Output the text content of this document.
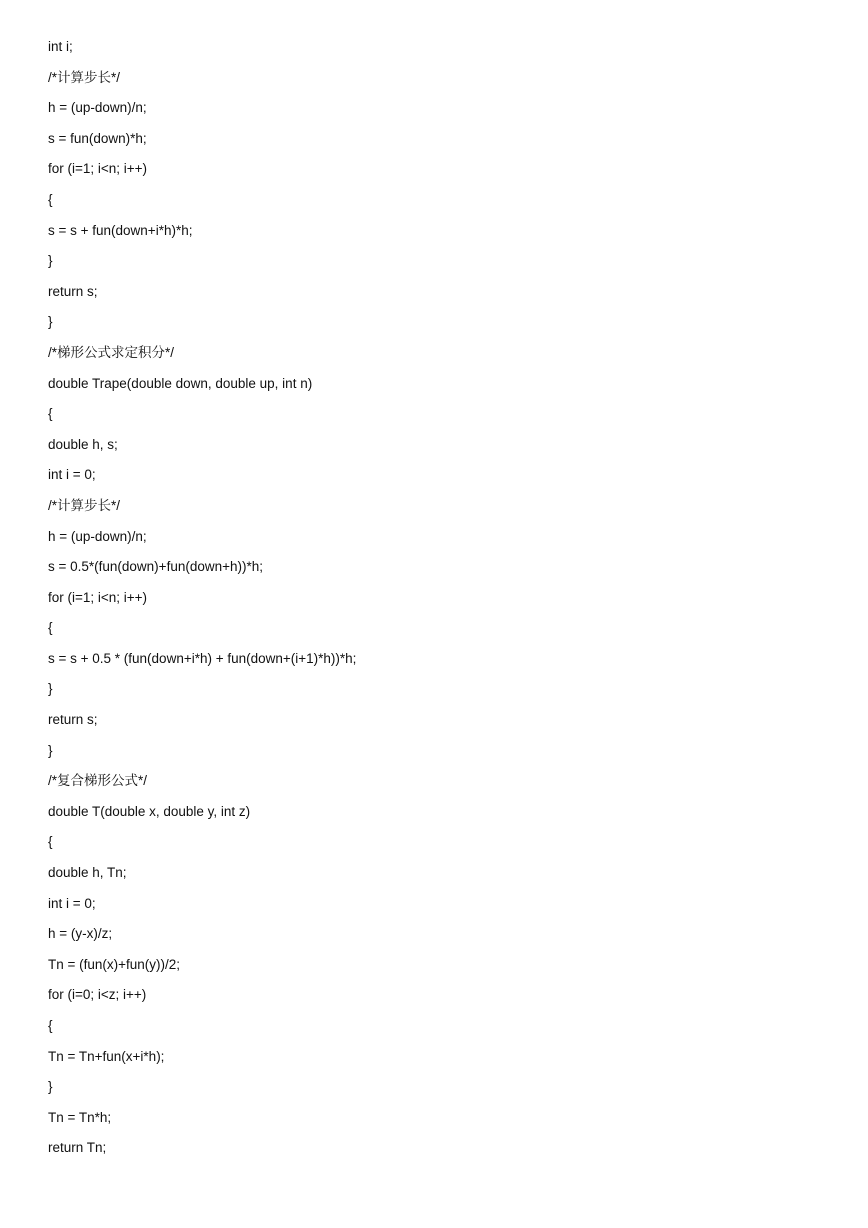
int i;
/*计算步长*/
h = (up-down)/n;
s = fun(down)*h;
for (i=1; i<n; i++)
{
s = s + fun(down+i*h)*h;
}
return s;
}
/*梯形公式求定积分*/
double Trape(double down, double up, int n)
{
double h, s;
int i = 0;
/*计算步长*/
h = (up-down)/n;
s = 0.5*(fun(down)+fun(down+h))*h;
for (i=1; i<n; i++)
{
s = s + 0.5 * (fun(down+i*h) + fun(down+(i+1)*h))*h;
}
return s;
}
/*复合梯形公式*/
double T(double x, double y, int z)
{
double h, Tn;
int i = 0;
h = (y-x)/z;
Tn = (fun(x)+fun(y))/2;
for (i=0; i<z; i++)
{
Tn = Tn+fun(x+i*h);
}
Tn = Tn*h;
return Tn;
